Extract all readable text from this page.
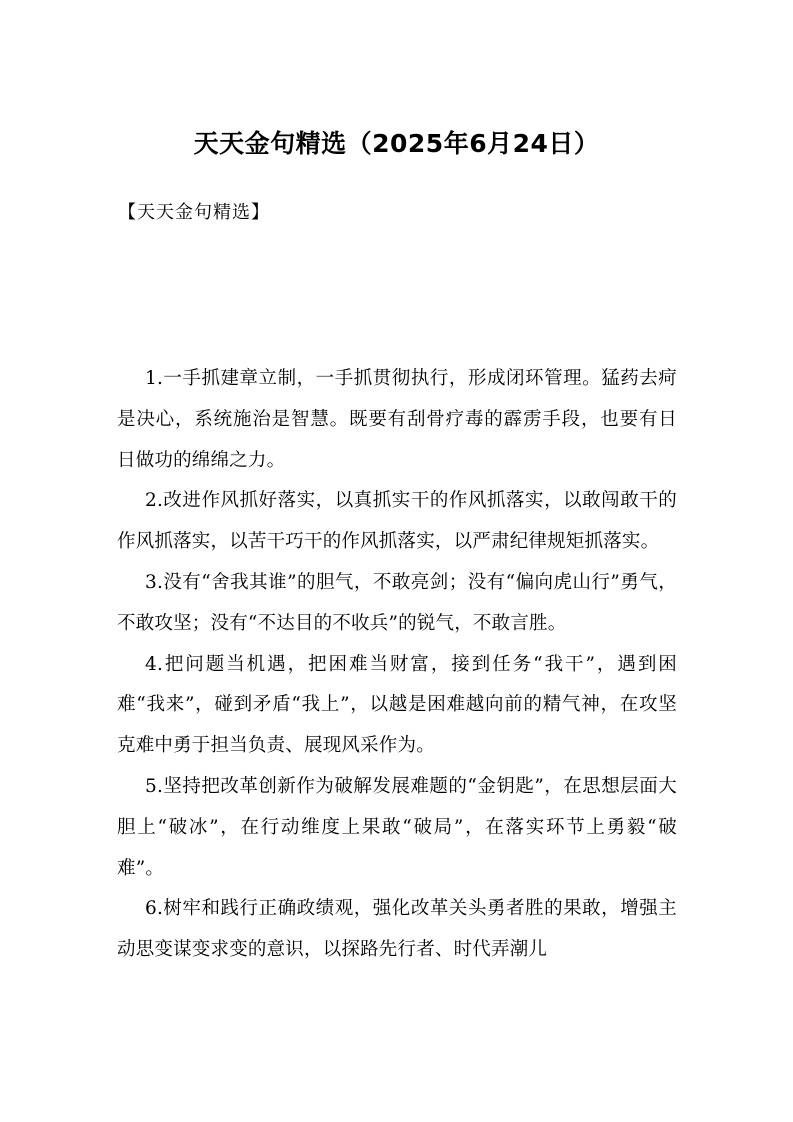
天天金句精选（2025年6月24日）
【天天金句精选】

1.一手抓建章立制，一手抓贯彻执行，形成闭环管理。猛药去疴是决心，系统施治是智慧。既要有刮骨疗毒的霹雳手段，也要有日日做功的绵绵之力。

2.改进作风抓好落实，以真抓实干的作风抓落实，以敢闯敢干的作风抓落实，以苦干巧干的作风抓落实，以严肃纪律规矩抓落实。

3.没有“舍我其谁”的胆气，不敢亮剑；没有“偏向虎山行”勇气，不敢攻坚；没有“不达目的不收兵”的锐气，不敢言胜。

4.把问题当机遇，把困难当财富，接到任务“我干”，遇到困难“我来”，碰到矛盾“我上”，以越是困难越向前的精气神，在攻坚克难中勇于担当负责、展现风采作为。

5.坚持把改革创新作为破解发展难题的“金钥匙”，在思想层面大胆上“破冰”，在行动维度上果敢“破局”，在落实环节上勇毅“破难”。

6.树牢和践行正确政绩观，强化改革关头勇者胜的果敢，增强主动思变谋变求变的意识，以探路先行者、时代弄潮儿
